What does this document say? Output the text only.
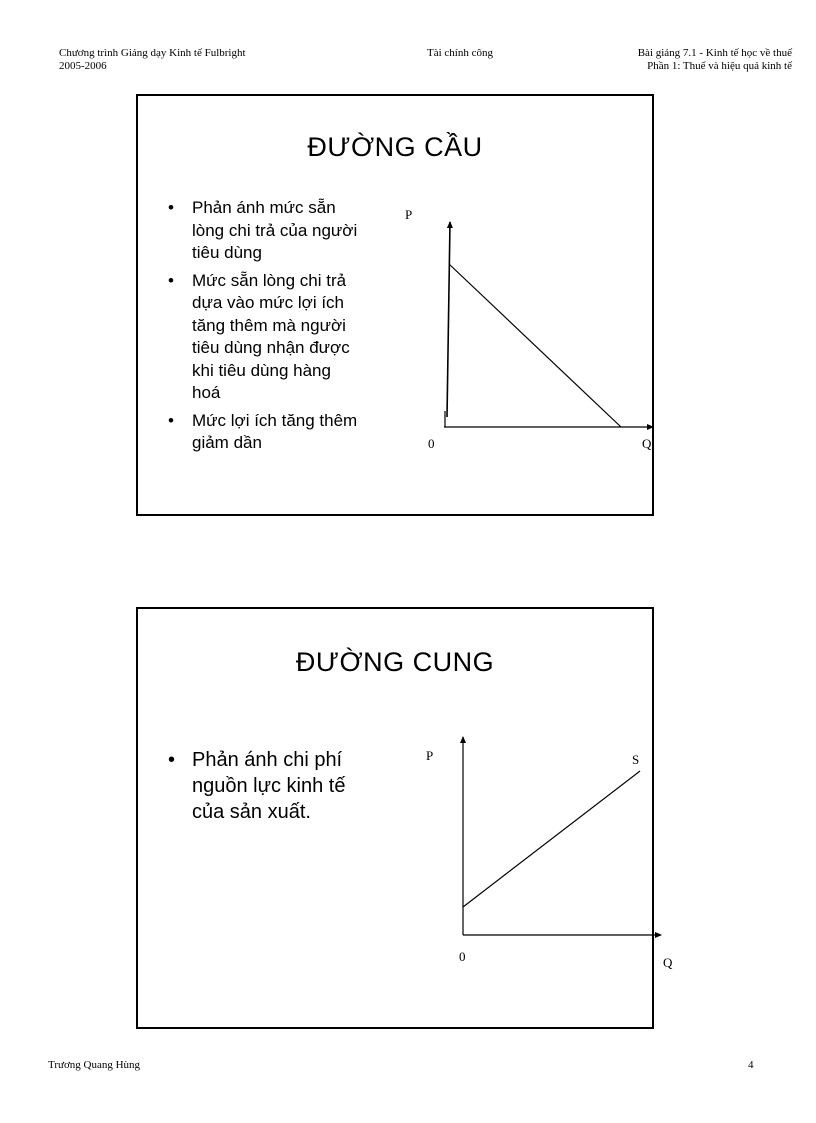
Chương trình Giảng dạy Kinh tế Fulbright
2005-2006
Tài chính công	Bài giảng 7.1 - Kinh tế học về thuế
Phần 1: Thuế và hiệu quả kinh tế
ĐƯỜNG CẦU
• Phản ánh mức sẵn lòng chi trả của người tiêu dùng
• Mức sẵn lòng chi trả dựa vào mức lợi ích tăng thêm mà người tiêu dùng nhận được khi tiêu dùng hàng hoá
• Mức lợi ích tăng thêm giảm dần
P
Q
0
ĐƯỜNG CUNG
• Phản ánh chi phí nguồn lực kinh tế của sản xuất.
P	S
0	Q
Trương Quang Hùng	4
